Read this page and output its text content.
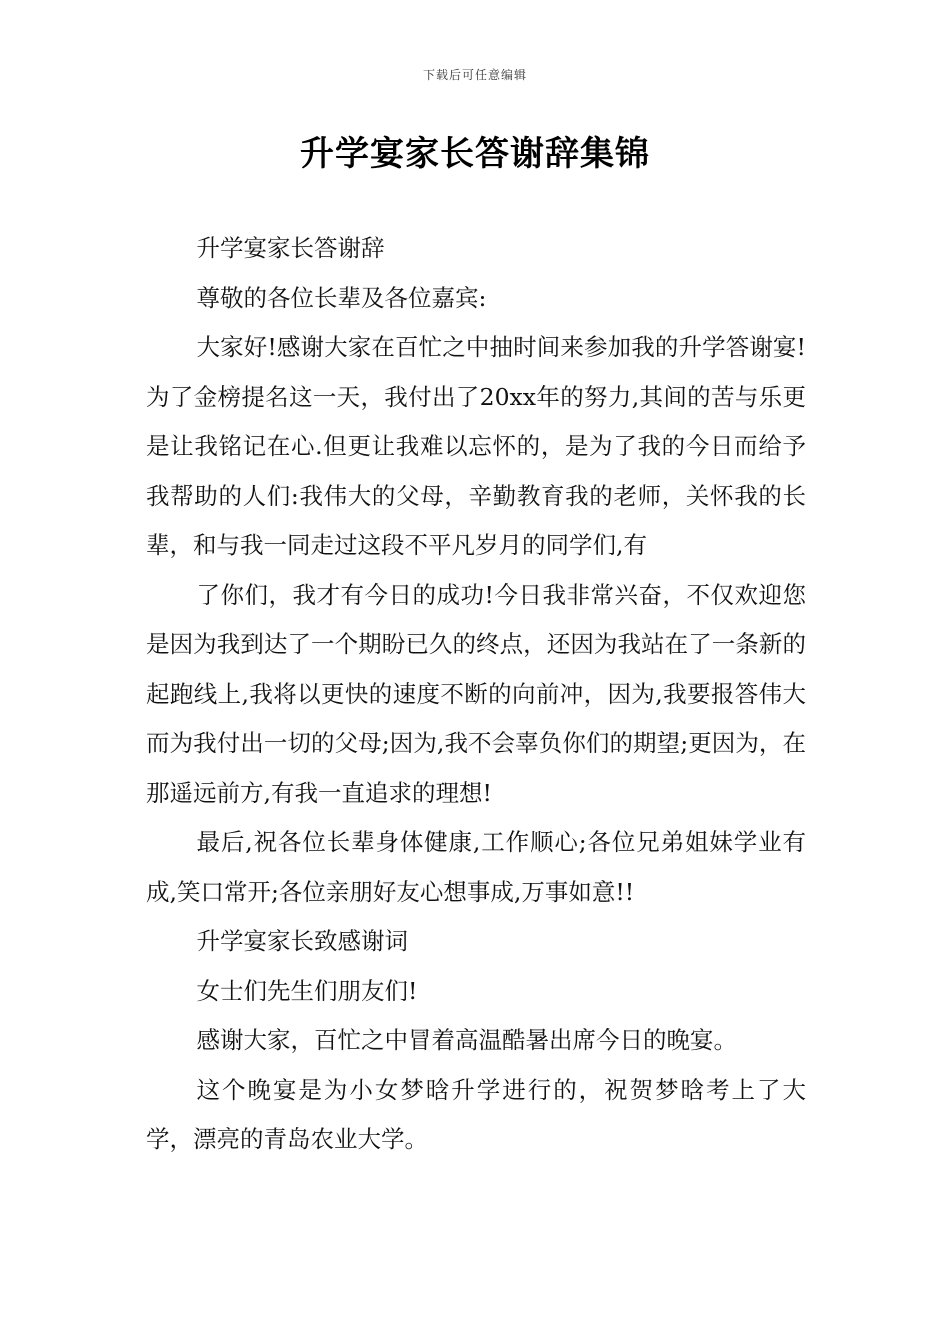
下载后可任意编辑
升学宴家长答谢辞集锦

升学宴家长答谢辞

尊敬的各位长辈及各位嘉宾:

大家好!感谢大家在百忙之中抽时间来参加我的升学答谢宴!为了金榜提名这一天，我付出了20xx年的努力,其间的苦与乐更是让我铭记在心.但更让我难以忘怀的，是为了我的今日而给予我帮助的人们:我伟大的父母，辛勤教育我的老师，关怀我的长辈，和与我一同走过这段不平凡岁月的同学们,有

了你们，我才有今日的成功!今日我非常兴奋，不仅欢迎您是因为我到达了一个期盼已久的终点，还因为我站在了一条新的起跑线上,我将以更快的速度不断的向前冲，因为,我要报答伟大而为我付出一切的父母;因为,我不会辜负你们的期望;更因为，在那遥远前方,有我一直追求的理想!

最后,祝各位长辈身体健康,工作顺心;各位兄弟姐妹学业有成,笑口常开;各位亲朋好友心想事成,万事如意!!

升学宴家长致感谢词

女士们先生们朋友们!

感谢大家，百忙之中冒着高温酷暑出席今日的晚宴。

这个晚宴是为小女梦晗升学进行的，祝贺梦晗考上了大学，漂亮的青岛农业大学。
